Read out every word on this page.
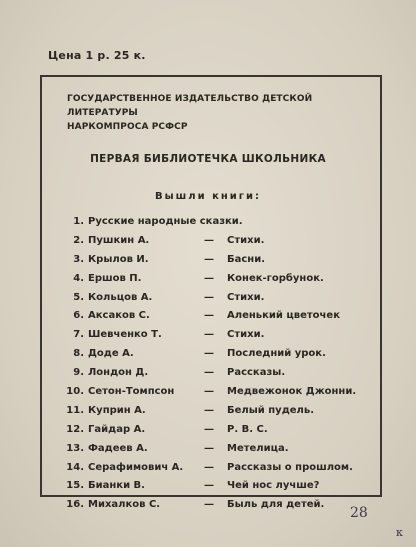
Цена 1 р. 25 к.
ГОСУДАРСТВЕННОЕ ИЗДАТЕЛЬСТВО ДЕТСКОЙ ЛИТЕРАТУРЫ
НАРКОМПРОСА РСФСР
ПЕРВАЯ БИБЛИОТЕЧКА ШКОЛЬНИКА
Вышли книги:
1. Русские народные сказки.
2. Пушкин А.	— Стихи.
3. Крылов И.	— Басни.
4. Ершов П.	— Конек-горбунок.
5. Кольцов А.	— Стихи.
6. Аксаков С.	— Аленький цветочек
7. Шевченко Т.	— Стихи.
8. Доде А.	— Последний урок.
9. Лондон Д.	— Рассказы.
10. Сетон-Томпсон	— Медвежонок Джонни.
11. Куприн А.	— Белый пудель.
12. Гайдар А.	— Р. В. С.
13. Фадеев А.	— Метелица.
14. Серафимович А. — Рассказы о прошлом.
15. Бианки В.	— Чей нос лучше?
16. Михалков С.	— Быль для детей.
28
к
